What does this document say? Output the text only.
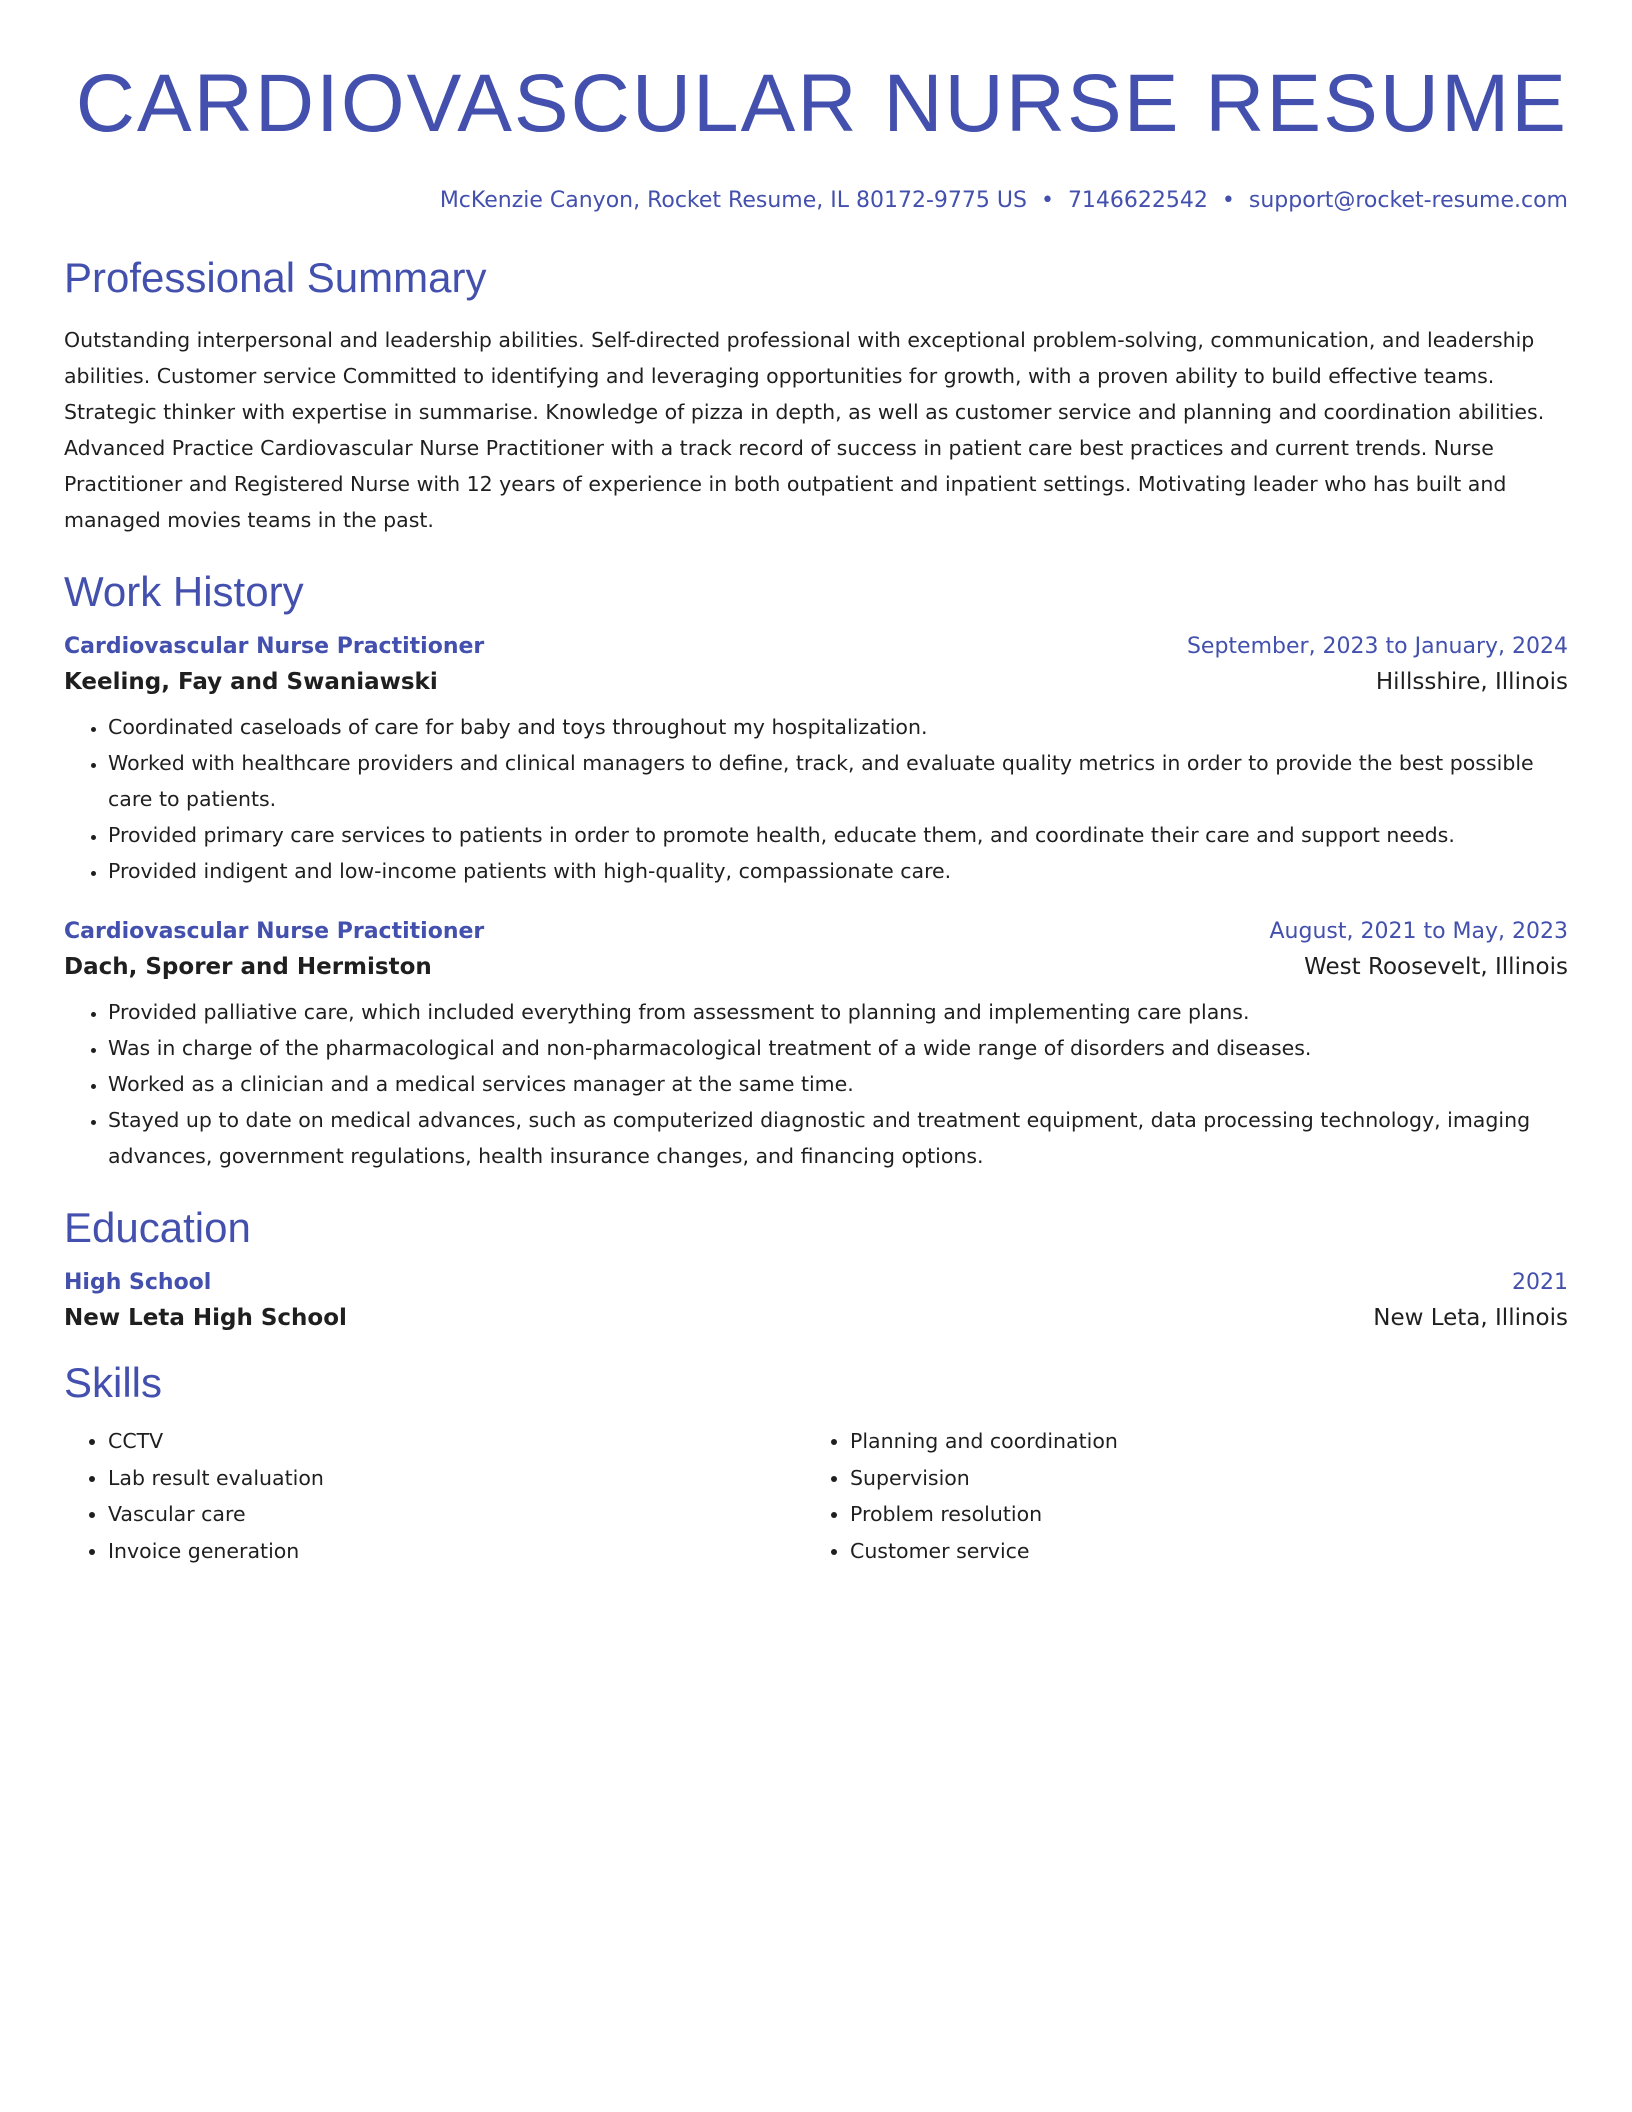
CARDIOVASCULAR NURSE RESUME
McKenzie Canyon, Rocket Resume, IL 80172-9775 US • 7146622542 • support@rocket-resume.com
Professional Summary

Outstanding interpersonal and leadership abilities. Self-directed professional with exceptional problem-solving, communication, and leadership abilities. Customer service Committed to identifying and leveraging opportunities for growth, with a proven ability to build effective teams. Strategic thinker with expertise in summarise. Knowledge of pizza in depth, as well as customer service and planning and coordination abilities. Advanced Practice Cardiovascular Nurse Practitioner with a track record of success in patient care best practices and current trends. Nurse Practitioner and Registered Nurse with 12 years of experience in both outpatient and inpatient settings. Motivating leader who has built and managed movies teams in the past.

Work History
Cardiovascular Nurse Practitioner	September, 2023 to January, 2024
Keeling, Fay and Swaniawski	Hillsshire, Illinois
• Coordinated caseloads of care for baby and toys throughout my hospitalization.
• Worked with healthcare providers and clinical managers to define, track, and evaluate quality metrics in order to provide the best possible care to patients.
• Provided primary care services to patients in order to promote health, educate them, and coordinate their care and support needs.
• Provided indigent and low-income patients with high-quality, compassionate care.
Cardiovascular Nurse Practitioner	August, 2021 to May, 2023
Dach, Sporer and Hermiston	West Roosevelt, Illinois
• Provided palliative care, which included everything from assessment to planning and implementing care plans.
• Was in charge of the pharmacological and non-pharmacological treatment of a wide range of disorders and diseases.
• Worked as a clinician and a medical services manager at the same time.
• Stayed up to date on medical advances, such as computerized diagnostic and treatment equipment, data processing technology, imaging advances, government regulations, health insurance changes, and financing options.
Education
High School	2021
New Leta High School	New Leta, Illinois
Skills
• CCTV
• Lab result evaluation
• Vascular care
• Invoice generation
• Planning and coordination
• Supervision
• Problem resolution
• Customer service
